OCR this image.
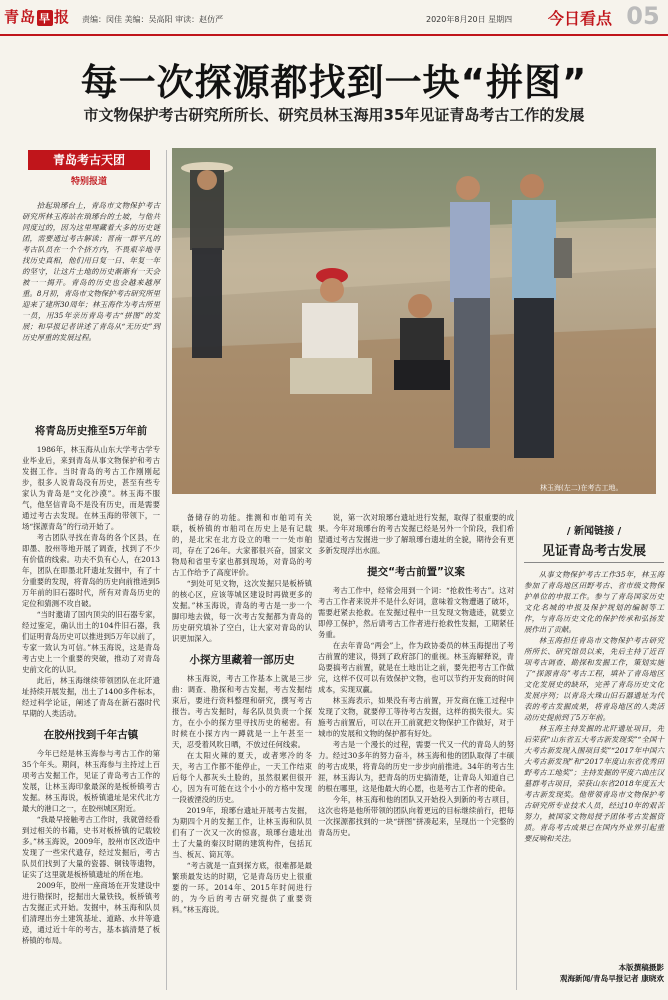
青岛 早 报 责编：闵佳 美编：吴高阳 审读：赵仿严	2020年8月20日 星期四 今日看点 05
每一次探源都找到一块“拼图”
市文物保护考古研究所所长、研究员林玉海用35年见证青岛考古工作的发展
青岛考古天团
特别报道

拾起琅琊台上，青岛市文物保护考古研究所林玉海站在琅琊台的土坡，与他共同度过的，因为这里埋藏着大多的历史谜团，需要通过考古解读；晋南一群平凡的考古队员在一个个挤方内，不畏艰辛地寻找历史真相，他们用日复一日、年复一年的坚守，让这片土地的历史渐渐有一天会被一一揭开。青岛的历史也会越来越厚重。8月初，青岛市文物保护考古研究所里迎来了建所30周年；林玉海作为考古所里一员，用35年亲历青岛考古“拼图”的发展；和早报记者讲述了青岛从“无历史”到历史厚重的发展过程。

林玉海(左二)在考古工地。
将青岛历史推至5万年前

1986年，林玉海从山东大学考古学专业毕业后，来到青岛从事文物保护和考古发掘工作。当时青岛的考古工作刚刚起步，很多人说青岛没有历史，甚至有些专家认为青岛是“文化沙漠”。林玉海不服气，他坚信青岛不是没有历史，而是需要通过考古去发现。在林玉海的带领下，一场“探源青岛”的行动开始了。

考古团队寻找在青岛的各个区县，在即墨、胶州等地开展了调查，找到了不少有价值的线索。功夫不负有心人，在2013年，团队在即墨北阡遗址发掘中，有了十分重要的发现，将青岛的历史向前推进到5万年前的旧石器时代，所有对青岛历史的定位和猜测不攻自破。

“当时邀请了国内顶尖的旧石器专家，经过鉴定，确认出土的104件旧石器，我们证明青岛历史可以推进到5万年以前了，专家一致认为可信。”林玉海说，这是青岛考古史上一个重要的突破，推动了对青岛史前文化的认识。

此后，林玉海继续带领团队在北阡遗址持续开展发掘，出土了1400多件标本，经过科学论证，阐述了青岛在新石器时代早期的人类活动。

在胶州找到千年古镇

今年已经是林玉海参与考古工作的第35个年头。期间，林玉海参与主持过上百项考古发掘工作，见证了青岛考古工作的发展，让林玉海印象最深的是板桥镇考古发掘。林玉海说，板桥镇遗址是宋代北方最大的港口之一，在胶州城区附近。

“我最早接触考古工作时，我就曾经看到过相关的书籍，史书对板桥镇的记载较多。”林玉海说，2009年，胶州市区改造中发现了一些宋代遗存，经过发掘后，考古队员们找到了大量的瓷器、铜钱等遗物，证实了这里就是板桥镇遗址的所在地。

2009年，胶州一座商场在开发建设中进行勘探时，挖掘出大量铁钱，板桥镇考古发掘正式开始。发掘中，林玉海和队员们清理出夯土建筑基址、道路、水井等遗迹，通过近十年的考古，基本搞清楚了板桥镇的布局。

备储存的功能。推测和市舶司有关联，板桥镇的市舶司在历史上是有记载的，是北宋在北方设立的唯一一处市舶司，存在了26年。大家都很兴奋，国家文物局和省里专家也都到现场，对青岛的考古工作给予了高度评价。

“到处可见文物，这次发掘只是板桥镇的核心区，应该等城区建设时再做更多的发掘。”林玉海说，青岛的考古是一步一个脚印地去做，每一次考古发掘都为青岛的历史研究填补了空白，让大家对青岛的认识更加深入。

小探方里藏着一部历史

林玉海说，考古工作基本上就是三步曲：调查、勘探和考古发掘，考古发掘结束后，要进行资料整理和研究，撰写考古报告。考古发掘时，每名队员负责一个探方，在小小的探方里寻找历史的秘密。有时候在小探方内一蹲就是一上午甚至一天，忍受着风吹日晒，不放过任何线索。

在太阳火辣的夏天，或者寒冷的冬天，考古工作都不能停止，一天工作结束后每个人都灰头土脸的，虽然很累但很开心，因为有可能在这个小小的方格中发现一段被湮没的历史。

2019年，琅琊台遗址开展考古发掘，为期四个月的发掘工作，让林玉海和队员们有了一次又一次的惊喜，琅琊台遗址出土了大量的秦汉时期的建筑构件，包括瓦当、板瓦、筒瓦等。

“考古就是一直到探方底，很难都是最繁琐最发达的时期，它是青岛历史上很重要的一环。2014年、2015年时间进行的，为今后的考古研究提供了重要资料。”林玉海说。

说，第一次对琅琊台遗址进行发掘，取得了很重要的成果。今年对琅琊台的考古发掘已经是另外一个阶段，我们希望通过考古发掘进一步了解琅琊台遗址的全貌，期待会有更多新发现浮出水面。

提交“考古前置”议案

考古工作中，经常会用到一个词：“抢救性考古”。这对考古工作者来说并不是什么好词，意味着文物遭遇了破坏，需要赶紧去抢救。在发掘过程中一旦发现文物遗迹，就要立即停工保护，然后请考古工作者进行抢救性发掘，工期紧任务重。

在去年青岛“两会”上，作为政协委员的林玉海提出了考古前置的建议，得到了政府部门的重视。林玉海解释说，青岛要搞考古前置，就是在土地出让之前，要先把考古工作做完，这样不仅可以有效保护文物，也可以节约开发商的时间成本，实现双赢。

林玉海表示，如果没有考古前置，开发商在施工过程中发现了文物，就要停工等待考古发掘，这样的损失很大。实施考古前置后，可以在开工前就把文物保护工作做好，对于城市的发展和文物的保护都有好处。

考古是一个漫长的过程，需要一代又一代的青岛人的努力。经过30多年的努力奋斗，林玉海和他的团队取得了丰硕的考古成果，将青岛的历史一步步向前推进。34年的考古生涯，林玉海认为，把青岛的历史搞清楚，让青岛人知道自己的根在哪里，这是他最大的心愿，也是考古工作者的使命。

今年，林玉海和他的团队又开始投入到新的考古项目，这次也将是他所带领的团队向着更远的目标继续前行，把每一次探源都找到的一块“拼图”拼凑起来，呈现出一个完整的青岛历史。

/ 新闻链接 /
见证青岛考古发展

从事文物保护考古工作35年，林玉海参加了青岛地区田野考古、省市级文物保护单位的申报工作。参与了青岛国家历史文化名城的申报及保护规划的编制等工作，与青岛历史文化的保护传承和弘扬发展作出了贡献。

林玉海担任青岛市文物保护考古研究所所长、研究馆员以来，先后主持了近百项考古调查、勘探和发掘工作，策划实施了“探源青岛”考古工程，填补了青岛地区文化发展史的缺环，完善了青岛历史文化发展序列；以青岛大珠山旧石器遗址为代表的考古发掘成果，将青岛地区的人类活动历史提前到了5万年前。

林玉海主持发掘的北阡遗址项目，先后荣获“山东省五大考古新发现奖”“全国十大考古新发现入围项目奖”“2017年中国六大考古新发现”和“2017年度山东省优秀田野考古工地奖”；主持发掘的平度六曲庄汉墓群考古项目，荣获山东省2018年度五大考古新发现奖。他带领青岛市文物保护考古研究所专业技术人员，经过10年的艰苦努力，被国家文物局授予团体考古发掘资质。青岛考古成果已在国内外业界引起重要反响和关注。

本版撰稿摄影
观海新闻/青岛早报记者 康晓欢
